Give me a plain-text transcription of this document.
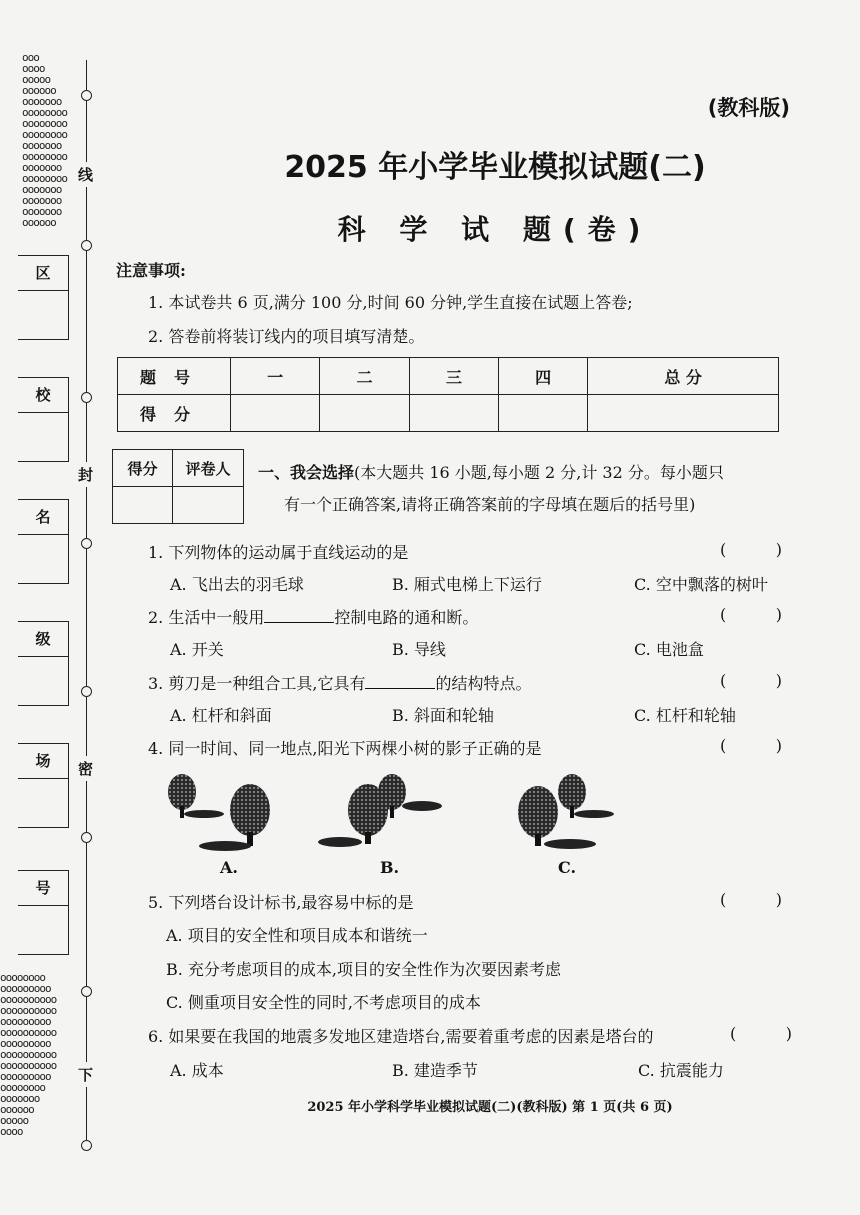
ooo
oooo
ooooo
oooooo
ooooooo
oooooooo
oooooooo
oooooooo
ooooooo
oooooooo
ooooooo
oooooooo
ooooooo
ooooooo
ooooooo
oooooo
oooooooo
ooooooooo
oooooooooo
oooooooooo
ooooooooo
oooooooooo
ooooooooo
oooooooooo
oooooooooo
ooooooooo
oooooooo
ooooooo
oooooo
ooooo
oooo
线
封
密
下
区
校
名
级
场
号
(教科版)
2025 年小学毕业模拟试题(二)
科 学 试 题(卷)
注意事项:
1. 本试卷共 6 页,满分 100 分,时间 60 分钟,学生直接在试题上答卷;
2. 答卷前将装订线内的项目填写清楚。
题号	一	二	三	四	总 分
得分					
得分	评卷人
	一、我会选择(本大题共 16 小题,每小题 2 分,计 32 分。每小题只
有一个正确答案,请将正确答案前的字母填在题后的括号里)
1. 下列物体的运动属于直线运动的是	(	)
A. 飞出去的羽毛球	B. 厢式电梯上下运行	C. 空中飘落的树叶
2. 生活中一般用	控制电路的通和断。	(	)
A. 开关	B. 导线	C. 电池盒
3. 剪刀是一种组合工具,它具有	的结构特点。	(	)
A. 杠杆和斜面	B. 斜面和轮轴	C. 杠杆和轮轴
4. 同一时间、同一地点,阳光下两棵小树的影子正确的是	(	)
A.	B.	C.
5. 下列塔台设计标书,最容易中标的是	(	)
A. 项目的安全性和项目成本和谐统一
B. 充分考虑项目的成本,项目的安全性作为次要因素考虑
C. 侧重项目安全性的同时,不考虑项目的成本
6. 如果要在我国的地震多发地区建造塔台,需要着重考虑的因素是塔台的	(	)
A. 成本	B. 建造季节	C. 抗震能力
2025 年小学科学毕业模拟试题(二)(教科版) 第 1 页(共 6 页)
